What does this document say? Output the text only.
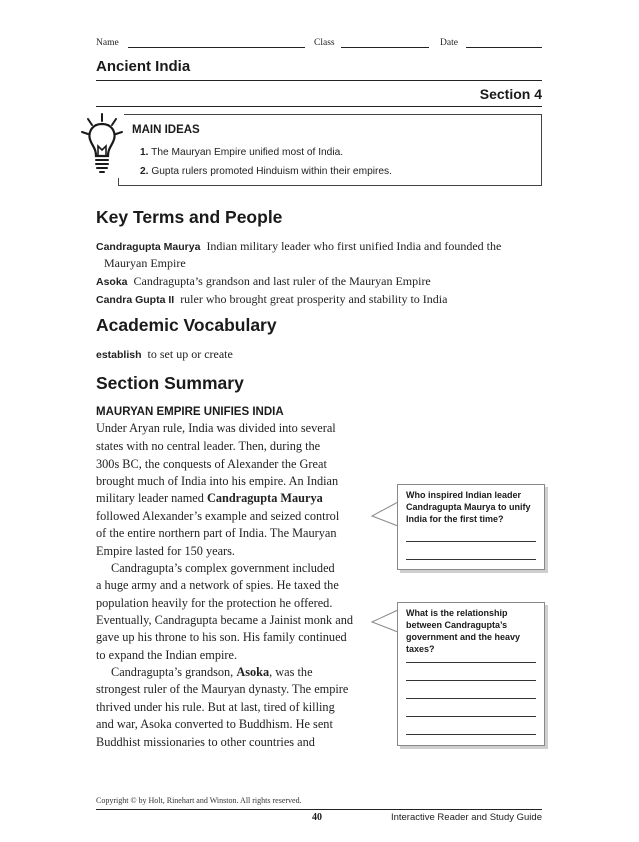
Name	Class	Date
Ancient India
Section 4
MAIN IDEAS
1. The Mauryan Empire unified most of India.
2. Gupta rulers promoted Hinduism within their empires.
Key Terms and People
Candragupta Maurya Indian military leader who first unified India and founded the
Mauryan Empire
Asoka Candragupta’s grandson and last ruler of the Mauryan Empire
Candra Gupta II ruler who brought great prosperity and stability to India
Academic Vocabulary
establish to set up or create
Section Summary
MAURYAN EMPIRE UNIFIES INDIA
Under Aryan rule, India was divided into several
states with no central leader. Then, during the
300s BC, the conquests of Alexander the Great
brought much of India into his empire. An Indian
military leader named Candragupta Maurya
followed Alexander’s example and seized control
of the entire northern part of India. The Mauryan
Empire lasted for 150 years.
Candragupta’s complex government included
a huge army and a network of spies. He taxed the
population heavily for the protection he offered.
Eventually, Candragupta became a Jainist monk and
gave up his throne to his son. His family continued
to expand the Indian empire.
Candragupta’s grandson, Asoka, was the
strongest ruler of the Mauryan dynasty. The empire
thrived under his rule. But at last, tired of killing
and war, Asoka converted to Buddhism. He sent
Buddhist missionaries to other countries and
Who inspired Indian leader Candragupta Maurya to unify India for the first time?
What is the relationship between Candragupta’s government and the heavy taxes?
Copyright © by Holt, Rinehart and Winston. All rights reserved.
40	Interactive Reader and Study Guide
